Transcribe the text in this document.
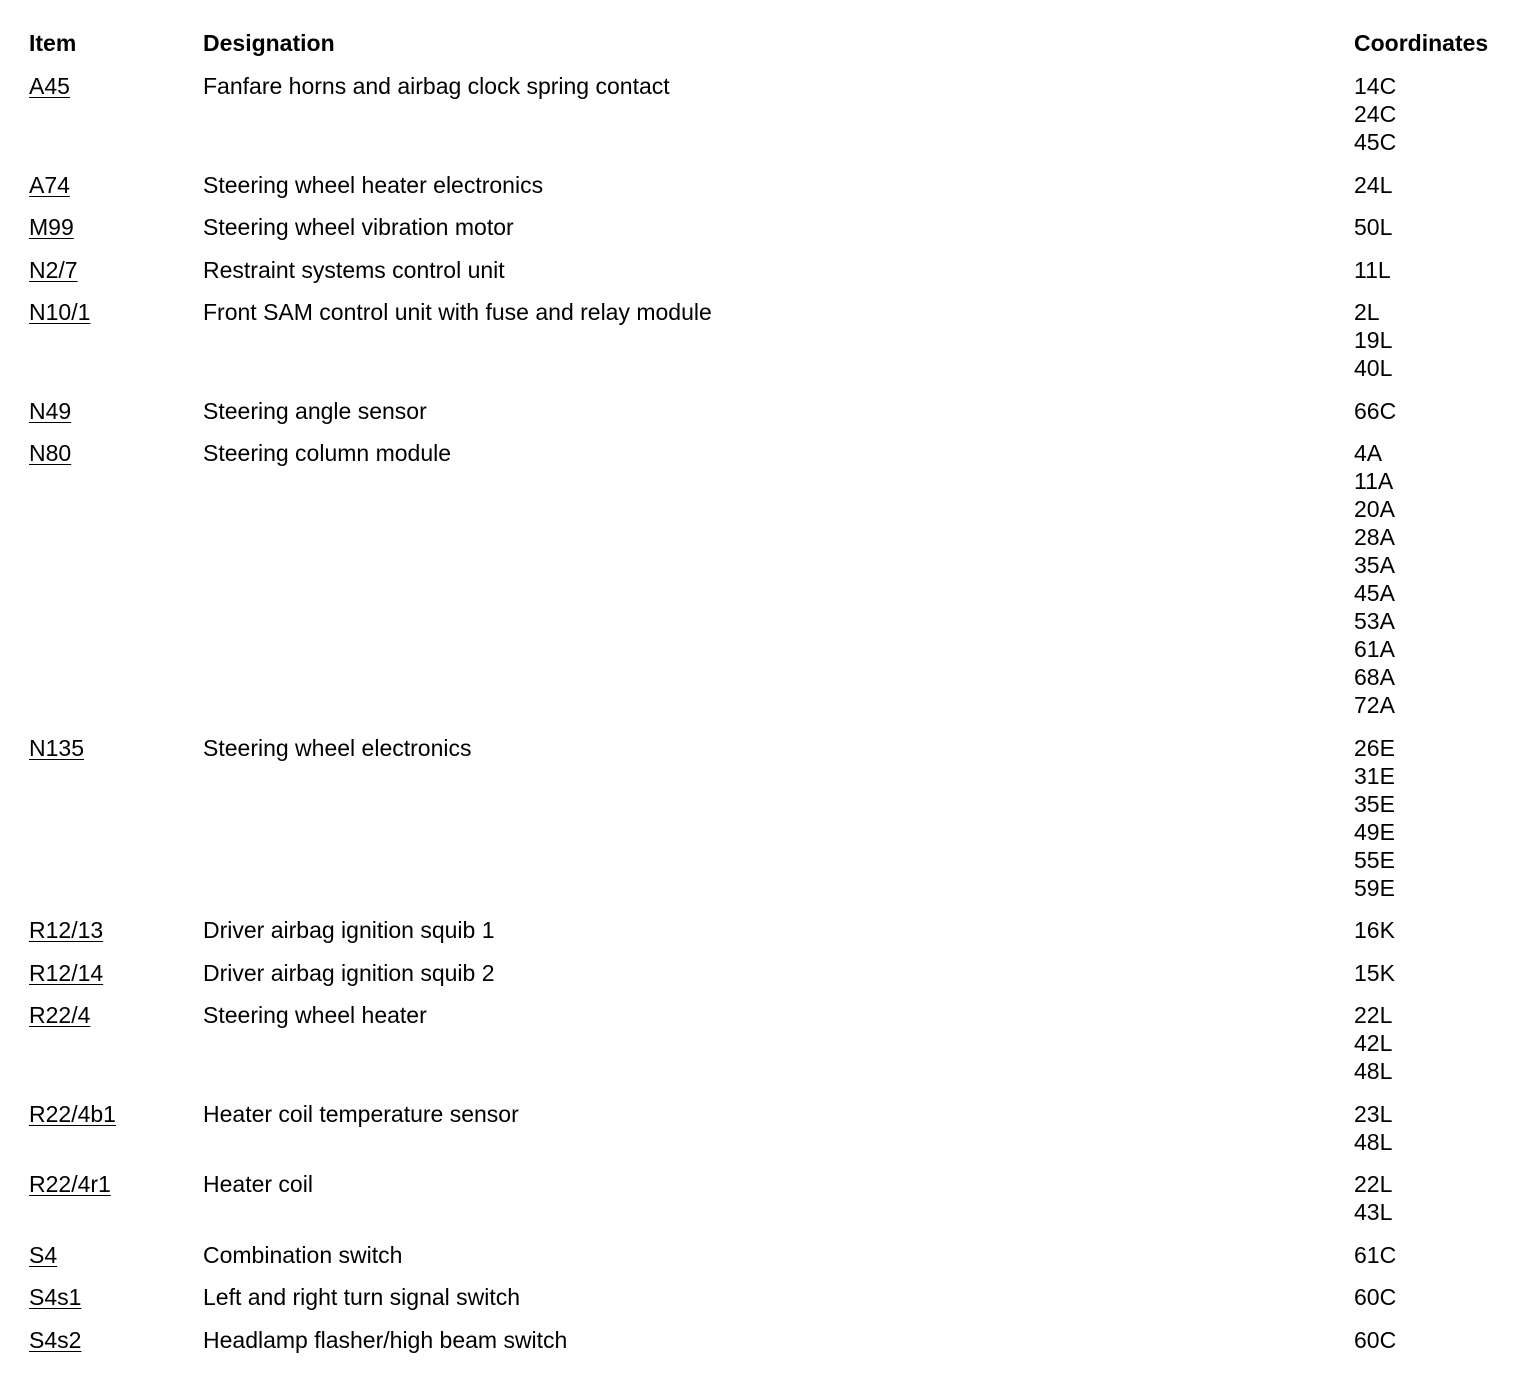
Item	Designation	Coordinates
A45	Fanfare horns and airbag clock spring contact	14C
24C
45C
A74	Steering wheel heater electronics	24L
M99	Steering wheel vibration motor	50L
N2/7	Restraint systems control unit	11L
N10/1	Front SAM control unit with fuse and relay module	2L
19L
40L
N49	Steering angle sensor	66C
N80	Steering column module	4A
11A
20A
28A
35A
45A
53A
61A
68A
72A
N135	Steering wheel electronics	26E
31E
35E
49E
55E
59E
R12/13	Driver airbag ignition squib 1	16K
R12/14	Driver airbag ignition squib 2	15K
R22/4	Steering wheel heater	22L
42L
48L
R22/4b1	Heater coil temperature sensor	23L
48L
R22/4r1	Heater coil	22L
43L
S4	Combination switch	61C
S4s1	Left and right turn signal switch	60C
S4s2	Headlamp flasher/high beam switch	60C
